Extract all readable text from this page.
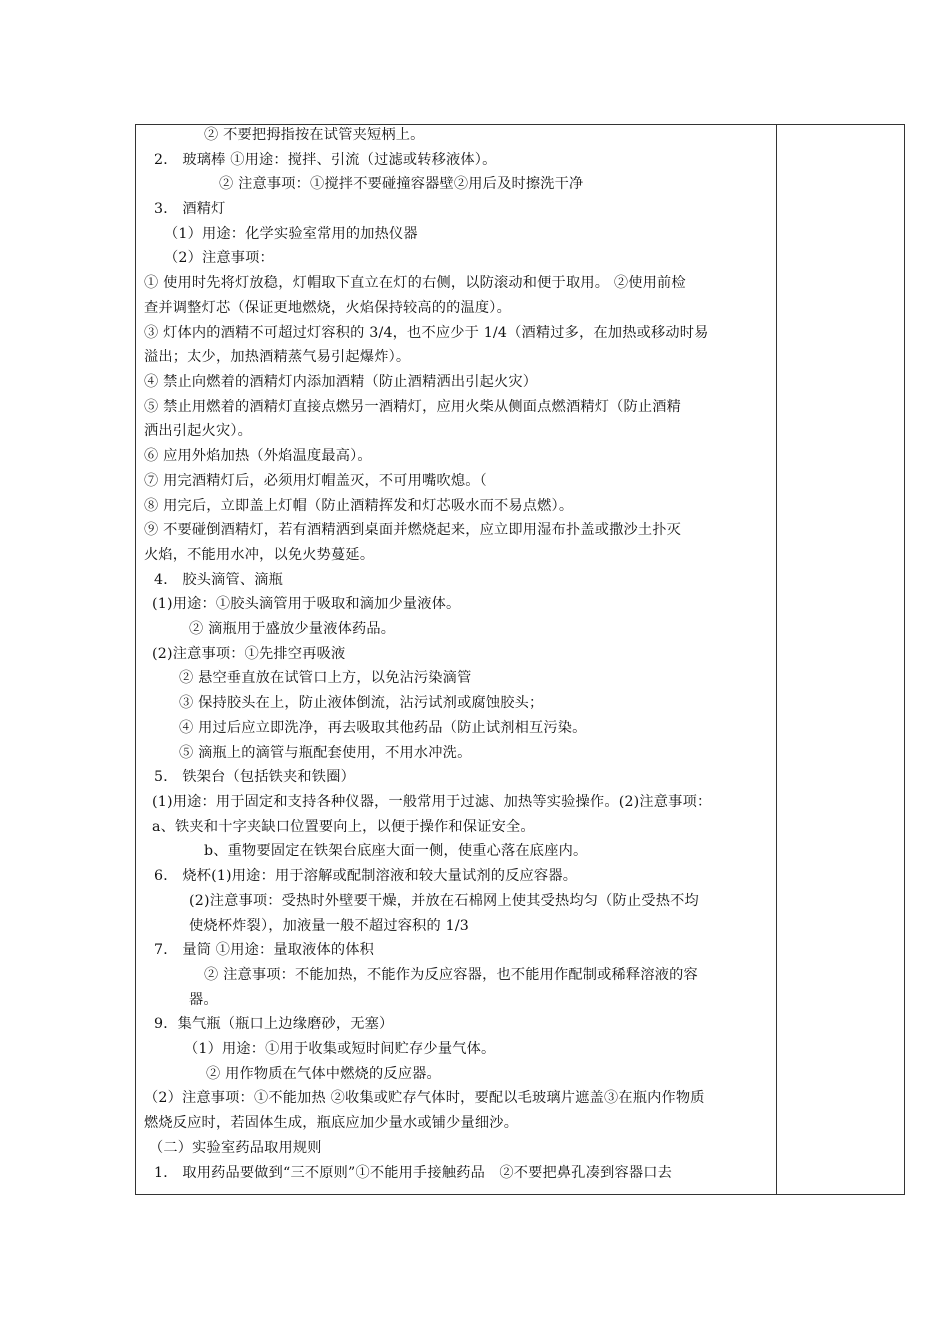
② 不要把拇指按在试管夹短柄上。
2． 玻璃棒 ①用途：搅拌、引流（过滤或转移液体）。
② 注意事项：①搅拌不要碰撞容器壁②用后及时擦洗干净
3． 酒精灯
（1）用途：化学实验室常用的加热仪器
（2）注意事项：
① 使用时先将灯放稳，灯帽取下直立在灯的右侧，以防滚动和便于取用。 ②使用前检
查并调整灯芯（保证更地燃烧，火焰保持较高的的温度）。
③ 灯体内的酒精不可超过灯容积的 3/4，也不应少于 1/4（酒精过多，在加热或移动时易
溢出；太少，加热酒精蒸气易引起爆炸）。
④ 禁止向燃着的酒精灯内添加酒精（防止酒精洒出引起火灾）
⑤ 禁止用燃着的酒精灯直接点燃另一酒精灯，应用火柴从侧面点燃酒精灯（防止酒精
洒出引起火灾）。
⑥ 应用外焰加热（外焰温度最高）。
⑦ 用完酒精灯后，必须用灯帽盖灭，不可用嘴吹熄。（
⑧ 用完后，立即盖上灯帽（防止酒精挥发和灯芯吸水而不易点燃）。
⑨ 不要碰倒酒精灯，若有酒精洒到桌面并燃烧起来，应立即用湿布扑盖或撒沙土扑灭
火焰，不能用水冲，以免火势蔓延。
4． 胶头滴管、滴瓶
(1)用途：①胶头滴管用于吸取和滴加少量液体。
② 滴瓶用于盛放少量液体药品。
(2)注意事项：①先排空再吸液
② 悬空垂直放在试管口上方，以免沾污染滴管
③ 保持胶头在上，防止液体倒流，沾污试剂或腐蚀胶头；
④ 用过后应立即洗净，再去吸取其他药品（防止试剂相互污染。
⑤ 滴瓶上的滴管与瓶配套使用，不用水冲洗。
5． 铁架台（包括铁夹和铁圈）
(1)用途：用于固定和支持各种仪器，一般常用于过滤、加热等实验操作。(2)注意事项：
a、铁夹和十字夹缺口位置要向上，以便于操作和保证安全。
b、重物要固定在铁架台底座大面一侧，使重心落在底座内。
6． 烧杯(1)用途：用于溶解或配制溶液和较大量试剂的反应容器。
(2)注意事项：受热时外壁要干燥，并放在石棉网上使其受热均匀（防止受热不均
使烧杯炸裂），加液量一般不超过容积的 1/3
7． 量筒 ①用途：量取液体的体积
② 注意事项：不能加热，不能作为反应容器，也不能用作配制或稀释溶液的容
器。
9．集气瓶（瓶口上边缘磨砂，无塞）
（1）用途：①用于收集或短时间贮存少量气体。
② 用作物质在气体中燃烧的反应器。
（2）注意事项：①不能加热 ②收集或贮存气体时，要配以毛玻璃片遮盖③在瓶内作物质
燃烧反应时，若固体生成，瓶底应加少量水或铺少量细沙。
（二）实验室药品取用规则
1． 取用药品要做到“三不原则”①不能用手接触药品　②不要把鼻孔凑到容器口去
